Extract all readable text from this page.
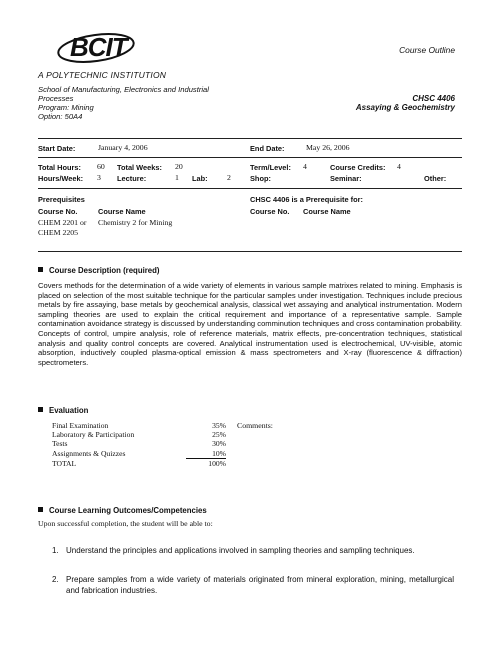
BCIT
A POLYTECHNIC INSTITUTION
School of Manufacturing, Electronics and Industrial
Processes
Program: Mining
Option: 50A4
Course Outline
CHSC 4406
Assaying & Geochemistry
Start Date:	January 4, 2006	End Date:	May 26, 2006
Total Hours: 60 Total Weeks: 20	Term/Level: 4	Course Credits: 4
Hours/Week: 3 Lecture:	1 Lab: 2	Shop:	Seminar:	Other:
Prerequisites
Course No.	Course Name
CHEM 2201 or
CHEM 2205
Chemistry 2 for Mining
CHSC 4406 is a Prerequisite for:
Course No. Course Name
Course Description (required)
Covers methods for the determination of a wide variety of elements in various sample matrixes related to mining. Emphasis is placed on selection of the most suitable technique for the particular samples under investigation. Techniques include precious metals by fire assaying, base metals by geochemical analysis, classical wet assaying and analytical instrumentation. Modern sampling theories are used to explain the critical requirement and importance of a representative sample. Sample contamination avoidance strategy is discussed by understanding comminution techniques and cross contamination probability. Concepts of control, umpire analysis, role of reference materials, matrix effects, pre-concentration techniques, statistical analysis and quality control concepts are covered. Analytical instrumentation used is electrochemical, UV-visible, atomic absorption, inductively coupled plasma-optical emission & mass spectrometers and X-ray (fluorescence & diffraction) spectrometers.
Evaluation
Final Examination	35%
Laboratory & Participation	25%
Tests	30%
Assignments & Quizzes	10%
TOTAL	100%
Comments:
Course Learning Outcomes/Competencies
Upon successful completion, the student will be able to:
1. Understand the principles and applications involved in sampling theories and sampling techniques.
2. Prepare samples from a wide variety of materials originated from mineral exploration, mining, metallurgical and fabrication industries.
